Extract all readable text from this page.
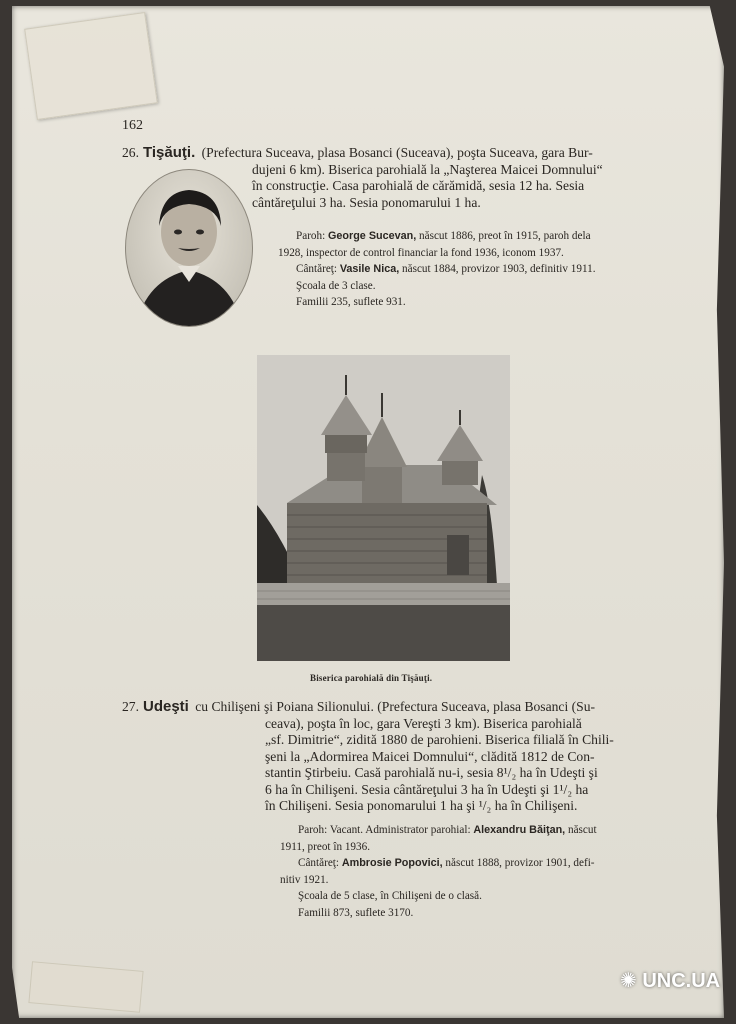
162
26. Tişăuţi. (Prefectura Suceava, plasa Bosanci (Suceava), poşta Suceava, gara Bur-
dujeni 6 km). Biserica parohială la „Naşterea Maicei Domnului“
în construcţie. Casa parohială de cărămidă, sesia 12 ha. Sesia
cântăreţului 3 ha. Sesia ponomarului 1 ha.
Paroh: George Sucevan, născut 1886, preot în 1915, paroh dela
1928, inspector de control financiar la fond 1936, iconom 1937.
Cântăreţ: Vasile Nica, născut 1884, provizor 1903, definitiv 1911.
Şcoala de 3 clase.
Familii 235, suflete 931.
Biserica parohială din Tişăuţi.
27. Udeşti cu Chilişeni şi Poiana Silionului. (Prefectura Suceava, plasa Bosanci (Su-
ceava), poşta în loc, gara Vereşti 3 km). Biserica parohială
„sf. Dimitrie“, zidită 1880 de parohieni. Biserica filială în Chili-
şeni la „Adormirea Maicei Domnului“, clădită 1812 de Con-
stantin Ştirbeiu. Casă parohială nu-i, sesia 8¹/₂ ha în Udeşti şi
6 ha în Chilişeni. Sesia cântăreţului 3 ha în Udeşti şi 1¹/₂ ha
în Chilişeni. Sesia ponomarului 1 ha şi ¹/₂ ha în Chilişeni.
Paroh: Vacant. Administrator parohial: Alexandru Băiţan, născut
1911, preot în 1936.
Cântăreţ: Ambrosie Popovici, născut 1888, provizor 1901, defi-
nitiv 1921.
Şcoala de 5 clase, în Chilişeni de o clasă.
Familii 873, suflete 3170.
✺ UNC.UA
